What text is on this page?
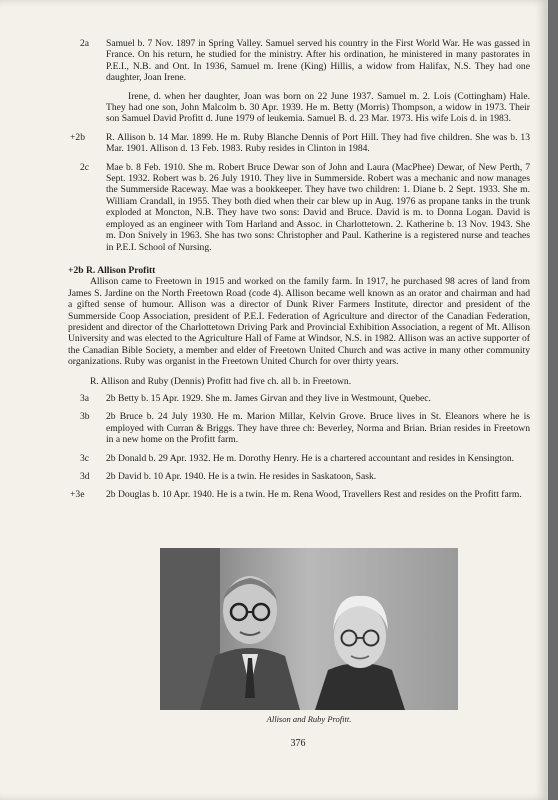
2a Samuel b. 7 Nov. 1897 in Spring Valley. Samuel served his country in the First World War. He was gassed in France. On his return, he studied for the ministry. After his ordination, he ministered in many pastorates in P.E.I., N.B. and Ont. In 1936, Samuel m. Irene (King) Hillis, a widow from Halifax, N.S. They had one daughter, Joan Irene.

Irene, d. when her daughter, Joan was born on 22 June 1937. Samuel m. 2. Lois (Cottingham) Hale. They had one son, John Malcolm b. 30 Apr. 1939. He m. Betty (Morris) Thompson, a widow in 1973. Their son Samuel David Profitt d. June 1979 of leukemia. Samuel B. d. 23 Mar. 1973. His wife Lois d. in 1983.

+2b R. Allison b. 14 Mar. 1899. He m. Ruby Blanche Dennis of Port Hill. They had five children. She was b. 13 Mar. 1901. Allison d. 13 Feb. 1983. Ruby resides in Clinton in 1984.

2c Mae b. 8 Feb. 1910. She m. Robert Bruce Dewar son of John and Laura (MacPhee) Dewar, of New Perth, 7 Sept. 1932. Robert was b. 26 July 1910. They live in Summerside. Robert was a mechanic and now manages the Summerside Raceway. Mae was a bookkeeper. They have two children: 1. Diane b. 2 Sept. 1933. She m. William Crandall, in 1955. They both died when their car blew up in Aug. 1976 as propane tanks in the trunk exploded at Moncton, N.B. They have two sons: David and Bruce. David is m. to Donna Logan. David is employed as an engineer with Tom Harland and Assoc. in Charlottetown. 2. Katherine b. 13 Nov. 1943. She m. Don Snively in 1963. She has two sons: Christopher and Paul. Katherine is a registered nurse and teaches in P.E.I. School of Nursing.

+2b R. Allison Profitt

Allison came to Freetown in 1915 and worked on the family farm. In 1917, he purchased 98 acres of land from James S. Jardine on the North Freetown Road (code 4). Allison became well known as an orator and chairman and had a gifted sense of humour. Allison was a director of Dunk River Farmers Institute, director and president of the Summerside Coop Association, president of P.E.I. Federation of Agriculture and director of the Canadian Federation, president and director of the Charlottetown Driving Park and Provincial Exhibition Association, a regent of Mt. Allison University and was elected to the Agriculture Hall of Fame at Windsor, N.S. in 1982. Allison was an active supporter of the Canadian Bible Society, a member and elder of Freetown United Church and was active in many other community organizations. Ruby was organist in the Freetown United Church for over thirty years.

R. Allison and Ruby (Dennis) Profitt had five ch. all b. in Freetown.

3a 2b Betty b. 15 Apr. 1929. She m. James Girvan and they live in Westmount, Quebec.

3b 2b Bruce b. 24 July 1930. He m. Marion Millar, Kelvin Grove. Bruce lives in St. Eleanors where he is employed with Curran & Briggs. They have three ch: Beverley, Norma and Brian. Brian resides in Freetown in a new home on the Profitt farm.

3c 2b Donald b. 29 Apr. 1932. He m. Dorothy Henry. He is a chartered accountant and resides in Kensington.

3d 2b David b. 10 Apr. 1940. He is a twin. He resides in Saskatoon, Sask.

+3e 2b Douglas b. 10 Apr. 1940. He is a twin. He m. Rena Wood, Travellers Rest and resides on the Profitt farm.

Allison and Ruby Profitt.
376
